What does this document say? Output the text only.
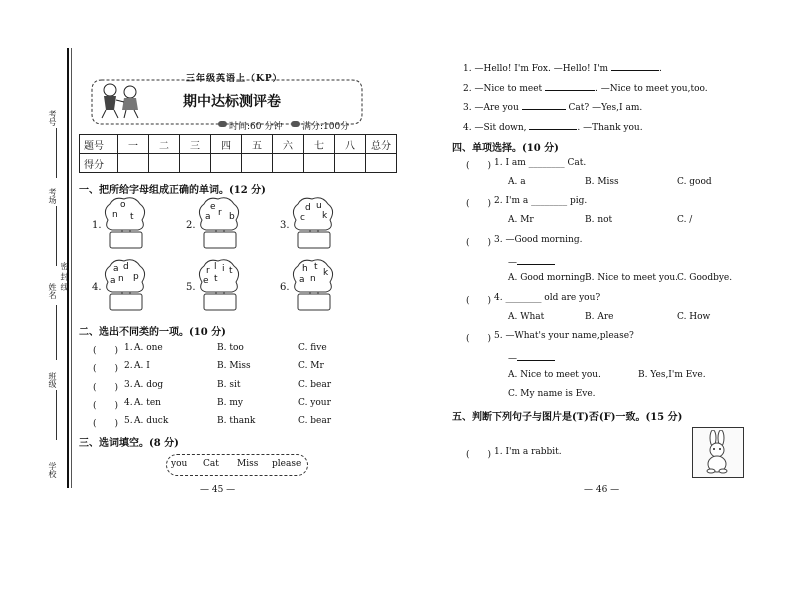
考号
考场
姓名 密 封 线
班级
学校
三年级英语上（KP）
期中达标测评卷
时间:60 分钟 满分:100分
题号	一	二	三	四	五	六	七	八	总分
得分									
一、把所给字母组成正确的单词。(12 分)
1.
o
n t
2.
e
a r b
3.
d u
c k
4.
a d
n p
a
5.
r l i
e t
t
6.
h t
a
k
n
二、选出不同类的一项。(10 分)
(　　) 1. A. one	B. too	C. five
(　　) 2. A. I	B. Miss	C. Mr
(　　) 3. A. dog	B. sit	C. bear
(　　) 4. A. ten	B. my	C. your
(　　) 5. A. duck	B. thank	C. bear
三、选词填空。(8 分)
you Cat Miss please
— 45 —
1. —Hello! I'm Fox. —Hello! I'm	.
2. —Nice to meet	. —Nice to meet you,too.
3. —Are you	Cat? —Yes,I am.
4. —Sit down,	. —Thank you.
四、单项选择。(10 分)
(　　) 1. I am ________ Cat.
A. a	B. Miss	C. good
(　　) 2. I'm a ________ pig.
A. Mr	B. not	C. /
(　　) 3. —Good morning.
—
A. Good morning.
B. Nice to meet you.
C. Goodbye.
(　　) 4. ________ old are you?
A. What	B. Are	C. How
(　　) 5. —What's your name,please?
—
A. Nice to meet you.	B. Yes,I'm Eve.
C. My name is Eve.
五、判断下列句子与图片是(T)否(F)一致。(15 分)
(　　) 1. I'm a rabbit.
— 46 —
